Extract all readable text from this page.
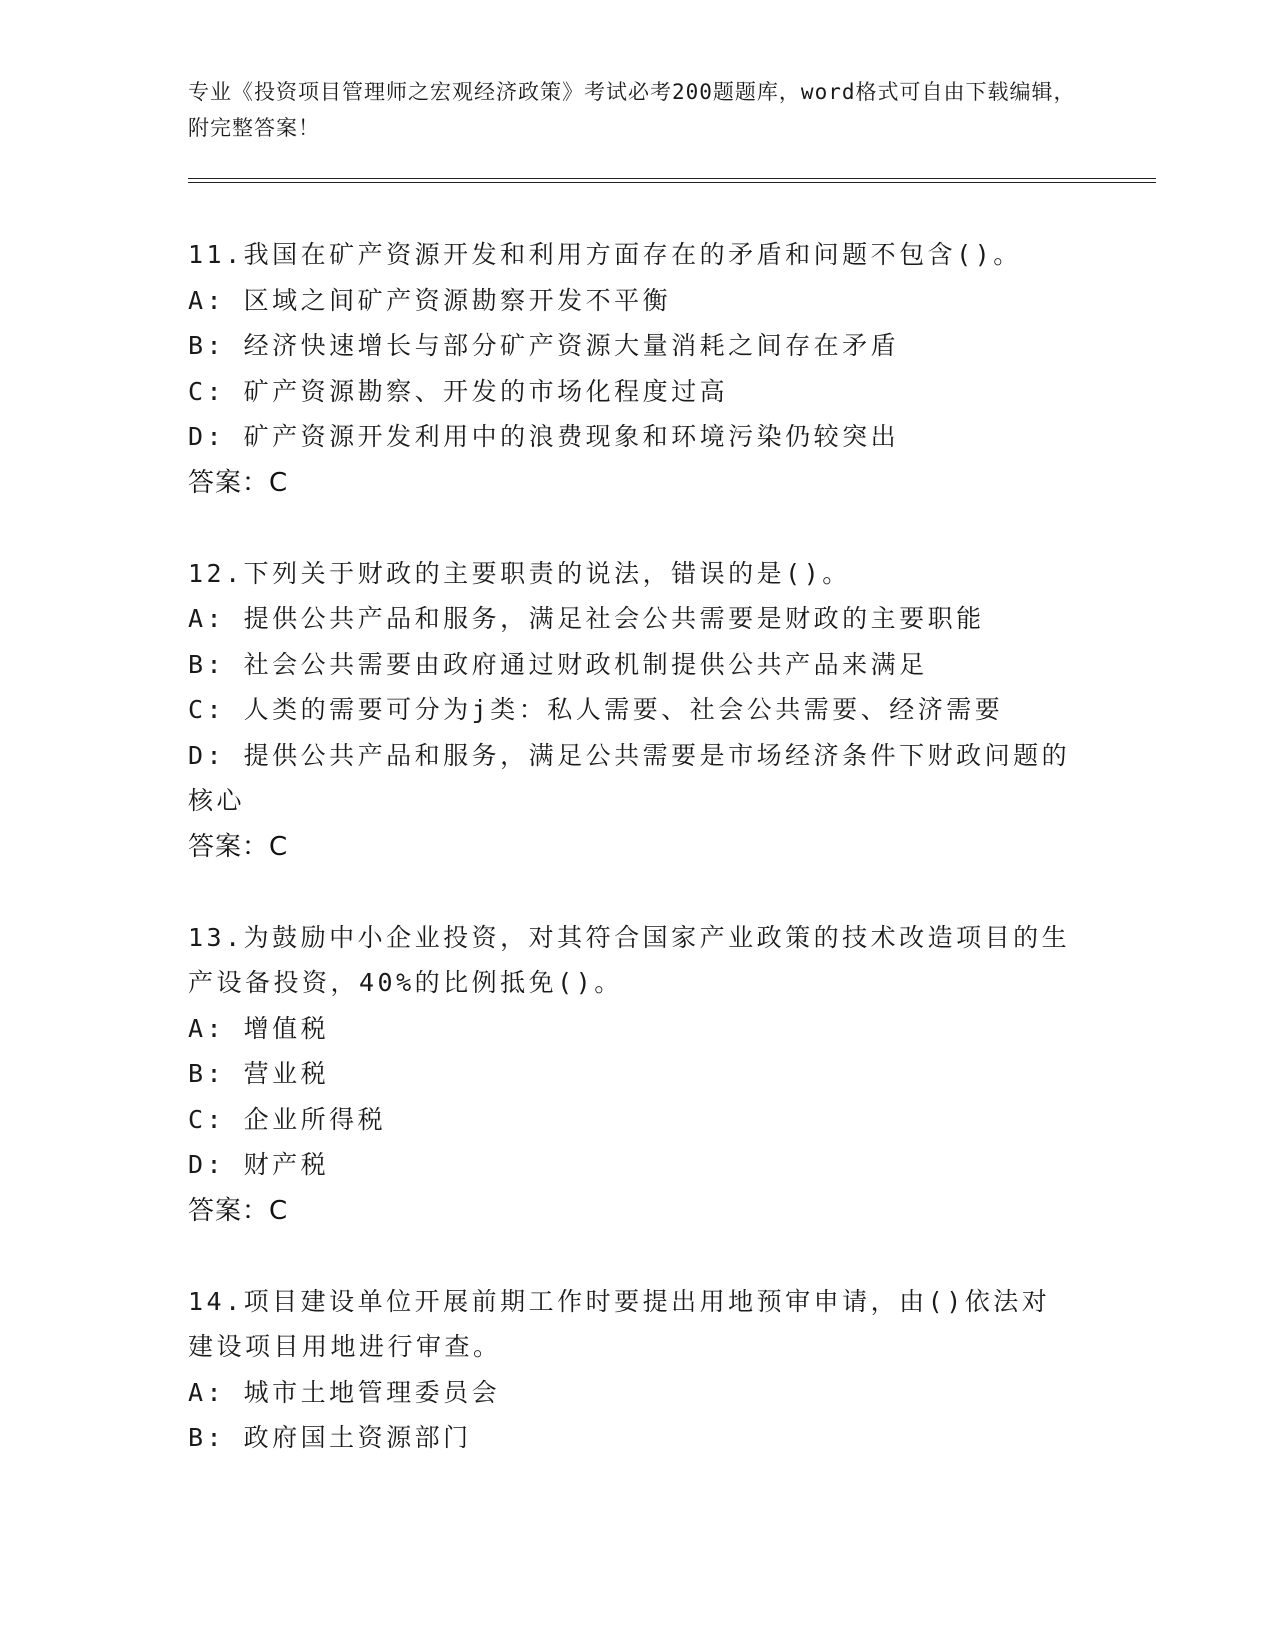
专业《投资项目管理师之宏观经济政策》考试必考200题题库，word格式可自由下载编辑，附完整答案！
11.我国在矿产资源开发和利用方面存在的矛盾和问题不包含()。
A: 区域之间矿产资源勘察开发不平衡
B: 经济快速增长与部分矿产资源大量消耗之间存在矛盾
C: 矿产资源勘察、开发的市场化程度过高
D: 矿产资源开发利用中的浪费现象和环境污染仍较突出
答案：C
12.下列关于财政的主要职责的说法，错误的是()。
A: 提供公共产品和服务，满足社会公共需要是财政的主要职能
B: 社会公共需要由政府通过财政机制提供公共产品来满足
C: 人类的需要可分为j类：私人需要、社会公共需要、经济需要
D: 提供公共产品和服务，满足公共需要是市场经济条件下财政问题的核心
答案：C
13.为鼓励中小企业投资，对其符合国家产业政策的技术改造项目的生产设备投资，40%的比例抵免()。
A: 增值税
B: 营业税
C: 企业所得税
D: 财产税
答案：C
14.项目建设单位开展前期工作时要提出用地预审申请，由()依法对建设项目用地进行审查。
A: 城市土地管理委员会
B: 政府国土资源部门
